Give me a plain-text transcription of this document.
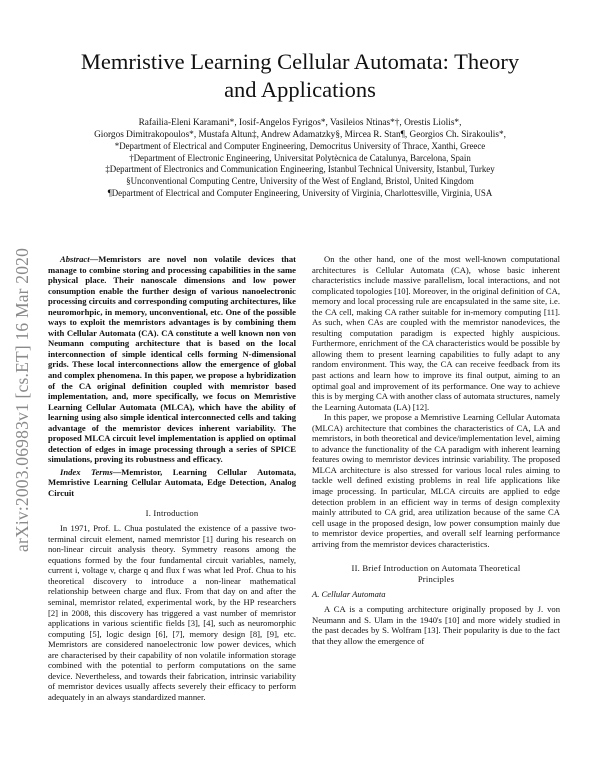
arXiv:2003.06983v1 [cs.ET] 16 Mar 2020
Memristive Learning Cellular Automata: Theory
and Applications
Rafailia-Eleni Karamani*, Iosif-Angelos Fyrigos*, Vasileios Ntinas*†, Orestis Liolis*,
Giorgos Dimitrakopoulos*, Mustafa Altun‡, Andrew Adamatzky§, Mircea R. Stan¶, Georgios Ch. Sirakoulis*,
*Department of Electrical and Computer Engineering, Democritus University of Thrace, Xanthi, Greece
†Department of Electronic Engineering, Universitat Polytècnica de Catalunya, Barcelona, Spain
‡Department of Electronics and Communication Engineering, Istanbul Technical University, Istanbul, Turkey
§Unconventional Computing Centre, University of the West of England, Bristol, United Kingdom
¶Department of Electrical and Computer Engineering, University of Virginia, Charlottesville, Virginia, USA

Abstract—Memristors are novel non volatile devices that manage to combine storing and processing capabilities in the same physical place. Their nanoscale dimensions and low power consumption enable the further design of various nanoelectronic processing circuits and corresponding computing architectures, like neuromorhpic, in memory, unconventional, etc. One of the possible ways to exploit the memristors advantages is by combining them with Cellular Automata (CA). CA constitute a well known non von Neumann computing architecture that is based on the local interconnection of simple identical cells forming N-dimensional grids. These local interconnections allow the emergence of global and complex phenomena. In this paper, we propose a hybridization of the CA original definition coupled with memristor based implementation, and, more specifically, we focus on Memristive Learning Cellular Automata (MLCA), which have the ability of learning using also simple identical interconnected cells and taking advantage of the memristor devices inherent variability. The proposed MLCA circuit level implementation is applied on optimal detection of edges in image processing through a series of SPICE simulations, proving its robustness and efficacy.

Index Terms—Memristor, Learning Cellular Automata, Memristive Learning Cellular Automata, Edge Detection, Analog Circuit

I. Introduction

In 1971, Prof. L. Chua postulated the existence of a passive two-terminal circuit element, named memristor [1] during his research on non-linear circuit analysis theory. Symmetry reasons among the equations formed by the four fundamental circuit variables, namely, current i, voltage v, charge q and flux f was what led Prof. Chua to his theoretical discovery to introduce a non-linear mathematical relationship between charge and flux. From that day on and after the seminal, memristor related, experimental work, by the HP researchers [2] in 2008, this discovery has triggered a vast number of memristor applications in various scientific fields [3], [4], such as neuromorphic computing [5], logic design [6], [7], memory design [8], [9], etc. Memristors are considered nanoelectronic low power devices, which are characterised by their capability of non volatile information storage combined with the potential to perform computations on the same device. Nevertheless, and towards their fabrication, intrinsic variability of memristor devices usually affects severely their efficacy to perform adequately in an always standardized manner.

On the other hand, one of the most well-known computational architectures is Cellular Automata (CA), whose basic inherent characteristics include massive parallelism, local interactions, and not complicated topologies [10]. Moreover, in the original definition of CA, memory and local processing rule are encapsulated in the same site, i.e. the CA cell, making CA rather suitable for in-memory computing [11]. As such, when CAs are coupled with the memristor nanodevices, the resulting computation paradigm is expected highly auspicious. Furthermore, enrichment of the CA characteristics would be possible by allowing them to present learning capabilities to fully adapt to any random environment. This way, the CA can receive feedback from its past actions and learn how to improve its final output, aiming to an optimal goal and improvement of its performance. One way to achieve this is by merging CA with another class of automata structures, namely the Learning Automata (LA) [12].

In this paper, we propose a Memristive Learning Cellular Automata (MLCA) architecture that combines the characteristics of CA, LA and memristors, in both theoretical and device/implementation level, aiming to advance the functionality of the CA paradigm with inherent learning features owing to memristor devices intrinsic variability. The proposed MLCA architecture is also stressed for various local rules aiming to tackle well defined existing problems in real life applications like image processing. In particular, MLCA circuits are applied to edge detection problem in an efficient way in terms of design complexity mainly attributed to CA grid, area utilization because of the same CA cell usage in the proposed design, low power consumption mainly due to memristor device properties, and overall self learning performance arriving from the memristor devices characteristics.

II. Brief Introduction on Automata Theoretical
Principles

A. Cellular Automata

A CA is a computing architecture originally proposed by J. von Neumann and S. Ulam in the 1940's [10] and more widely studied in the past decades by S. Wolfram [13]. Their popularity is due to the fact that they allow the emergence of
